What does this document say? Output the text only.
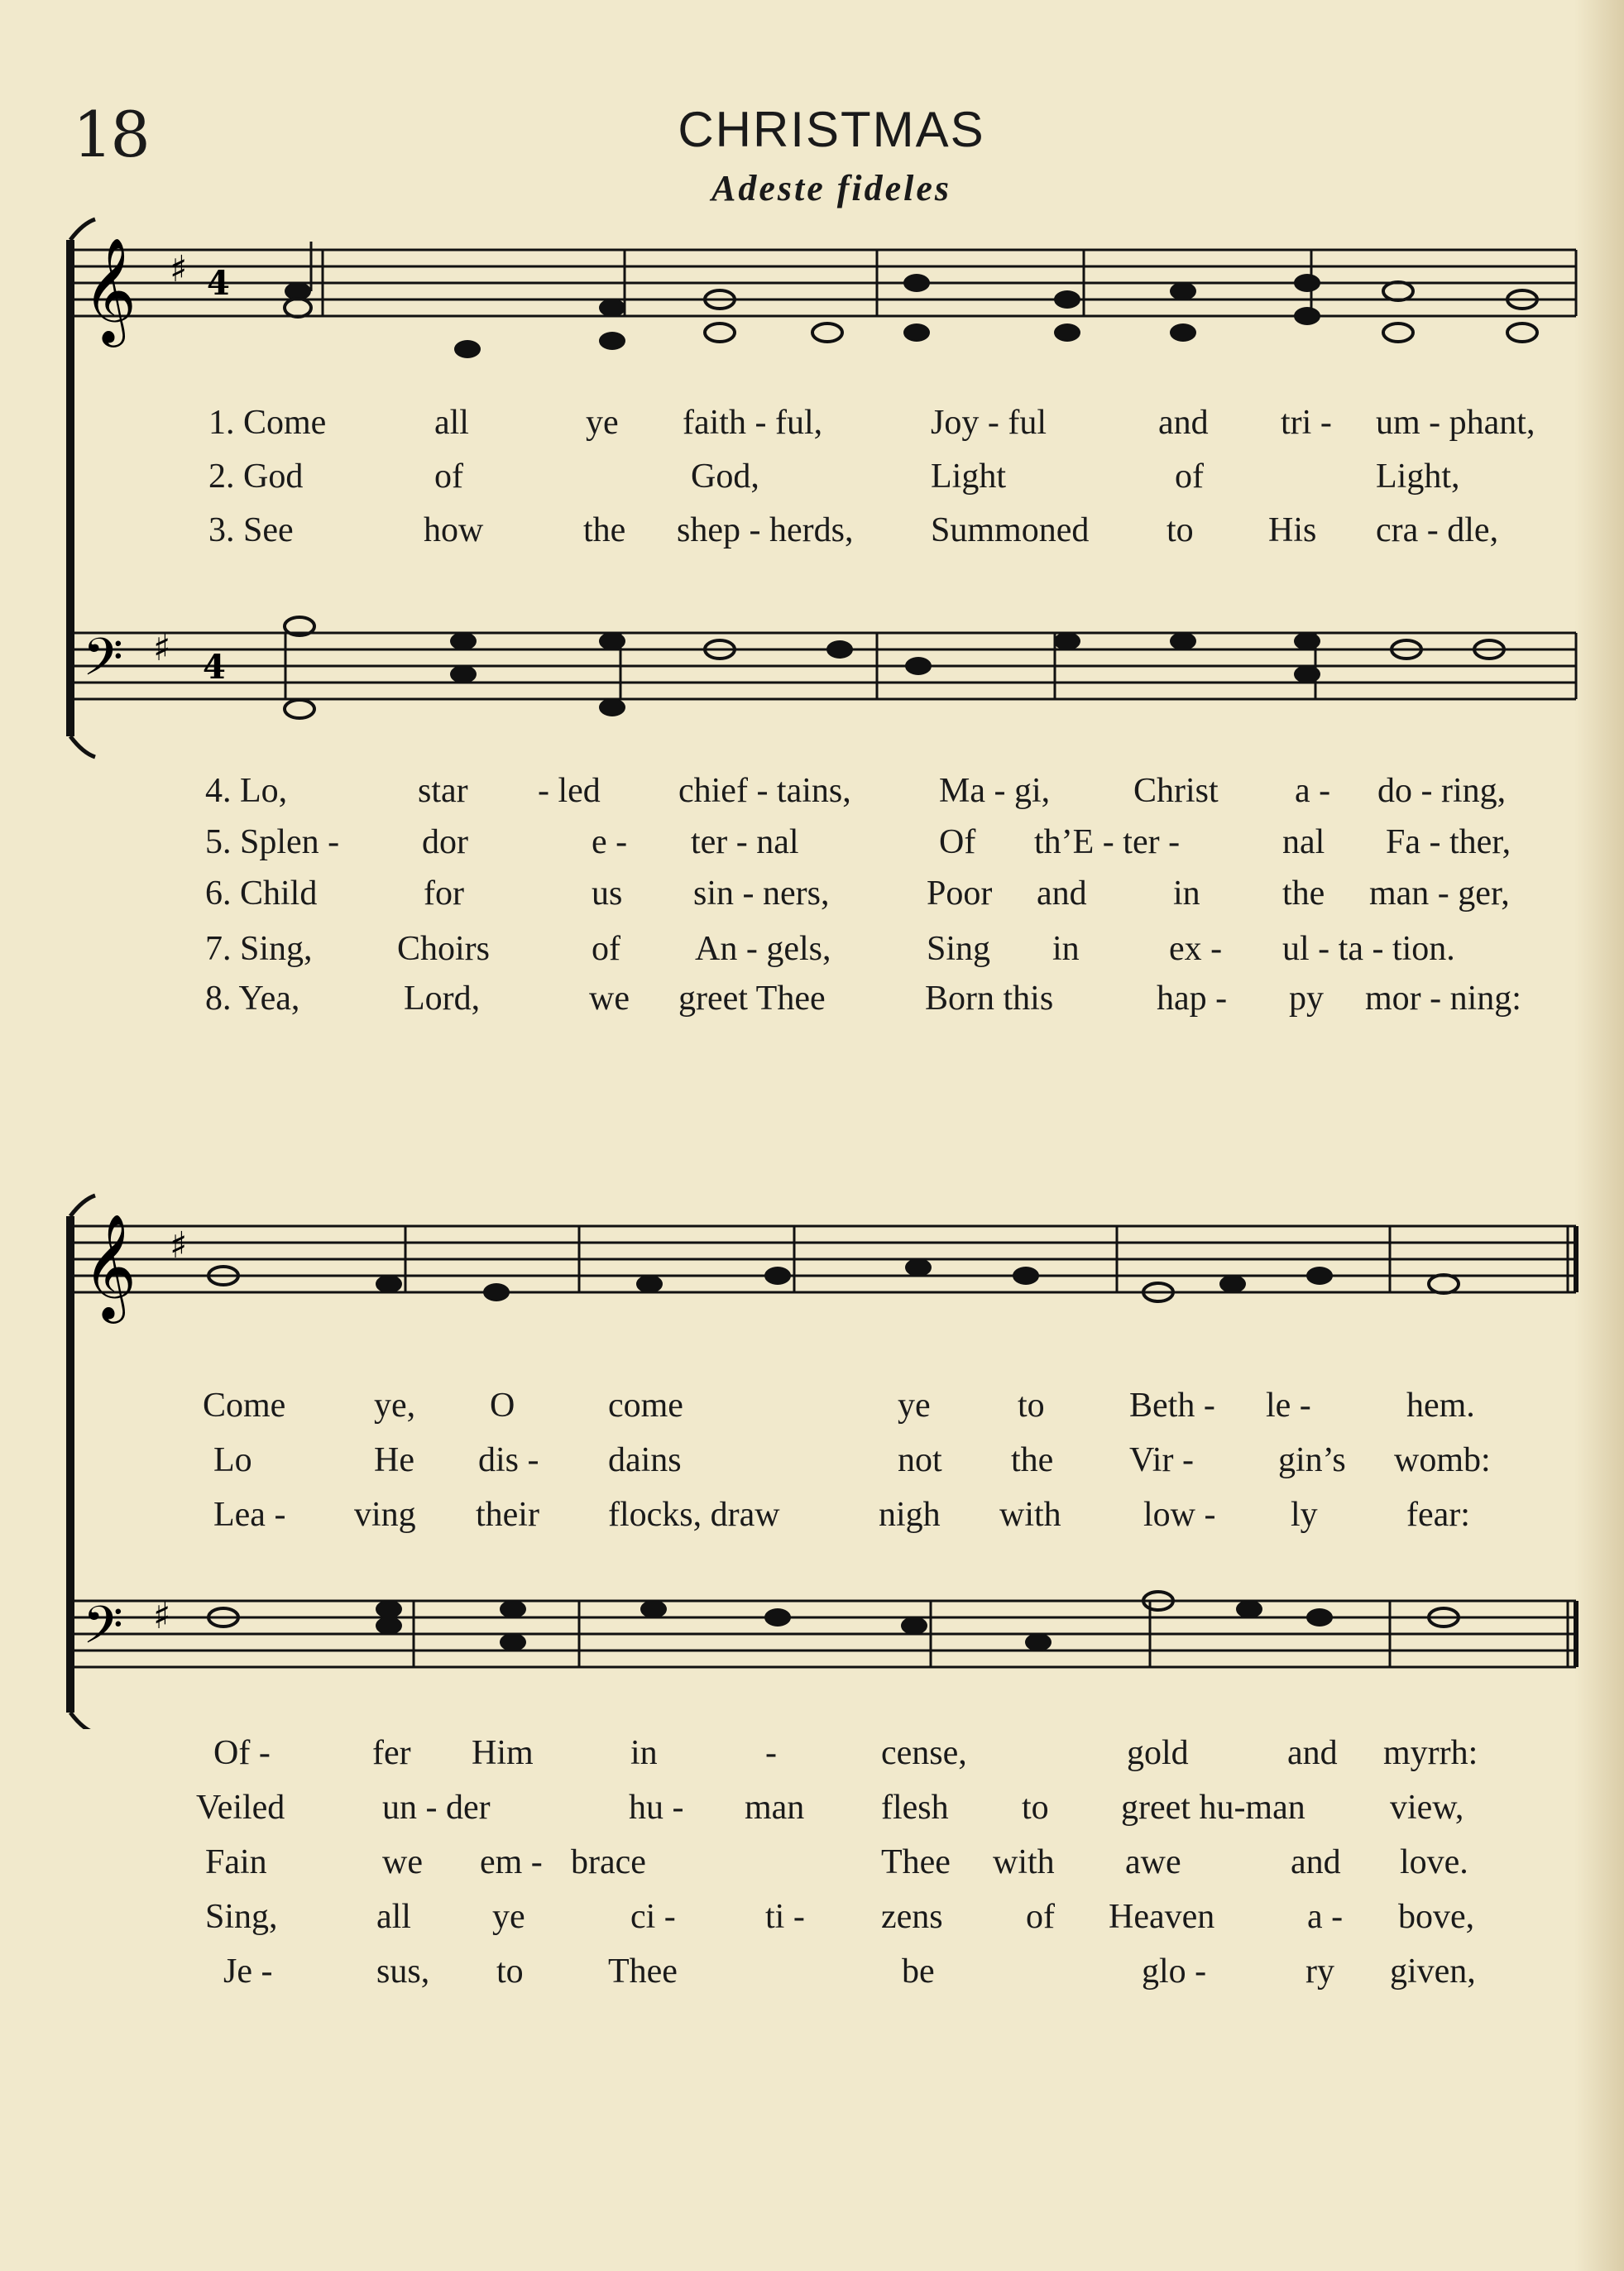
18	CHRISTMAS
Adeste fideles
𝄞 ♯ 4
𝄢 ♯ 4
1. Come	all	ye faith - ful,	Joy - ful	and tri - um - phant,
2. God	of	God,	Light	of	Light,
3. See	how	the shep - herds, Summoned to His cra - dle,
4. Lo,	star - led chief - tains,	Ma - gi, Christ a - do - ring,
5. Splen - dor	e - ter - nal	Of th’E - ter -	nal Fa - ther,
6. Child	for	us sin - ners,	Poor and in the man - ger,
7. Sing, Choirs	of An - gels,	Sing in	ex - ul - ta - tion.
8. Yea,	Lord,	we greet Thee	Born this	hap - py mor - ning:
𝄞 ♯
𝄢 ♯
Come	ye, O	come	ye	to Beth - le -	hem.
Lo	He dis - dains	not the Vir - gin’s womb:
Lea - ving their flocks, draw	nigh with low - ly	fear:
Of -	fer Him	in	-	cense,	gold	and myrrh:
Veiled	un - der	hu - man flesh to greet hu-man view,
Fain	we em - brace	Thee with awe	and love.
Sing,	all ye	ci -	ti - zens of Heaven	a - bove,
Je -	sus, to Thee	be	glo -	ry given,
